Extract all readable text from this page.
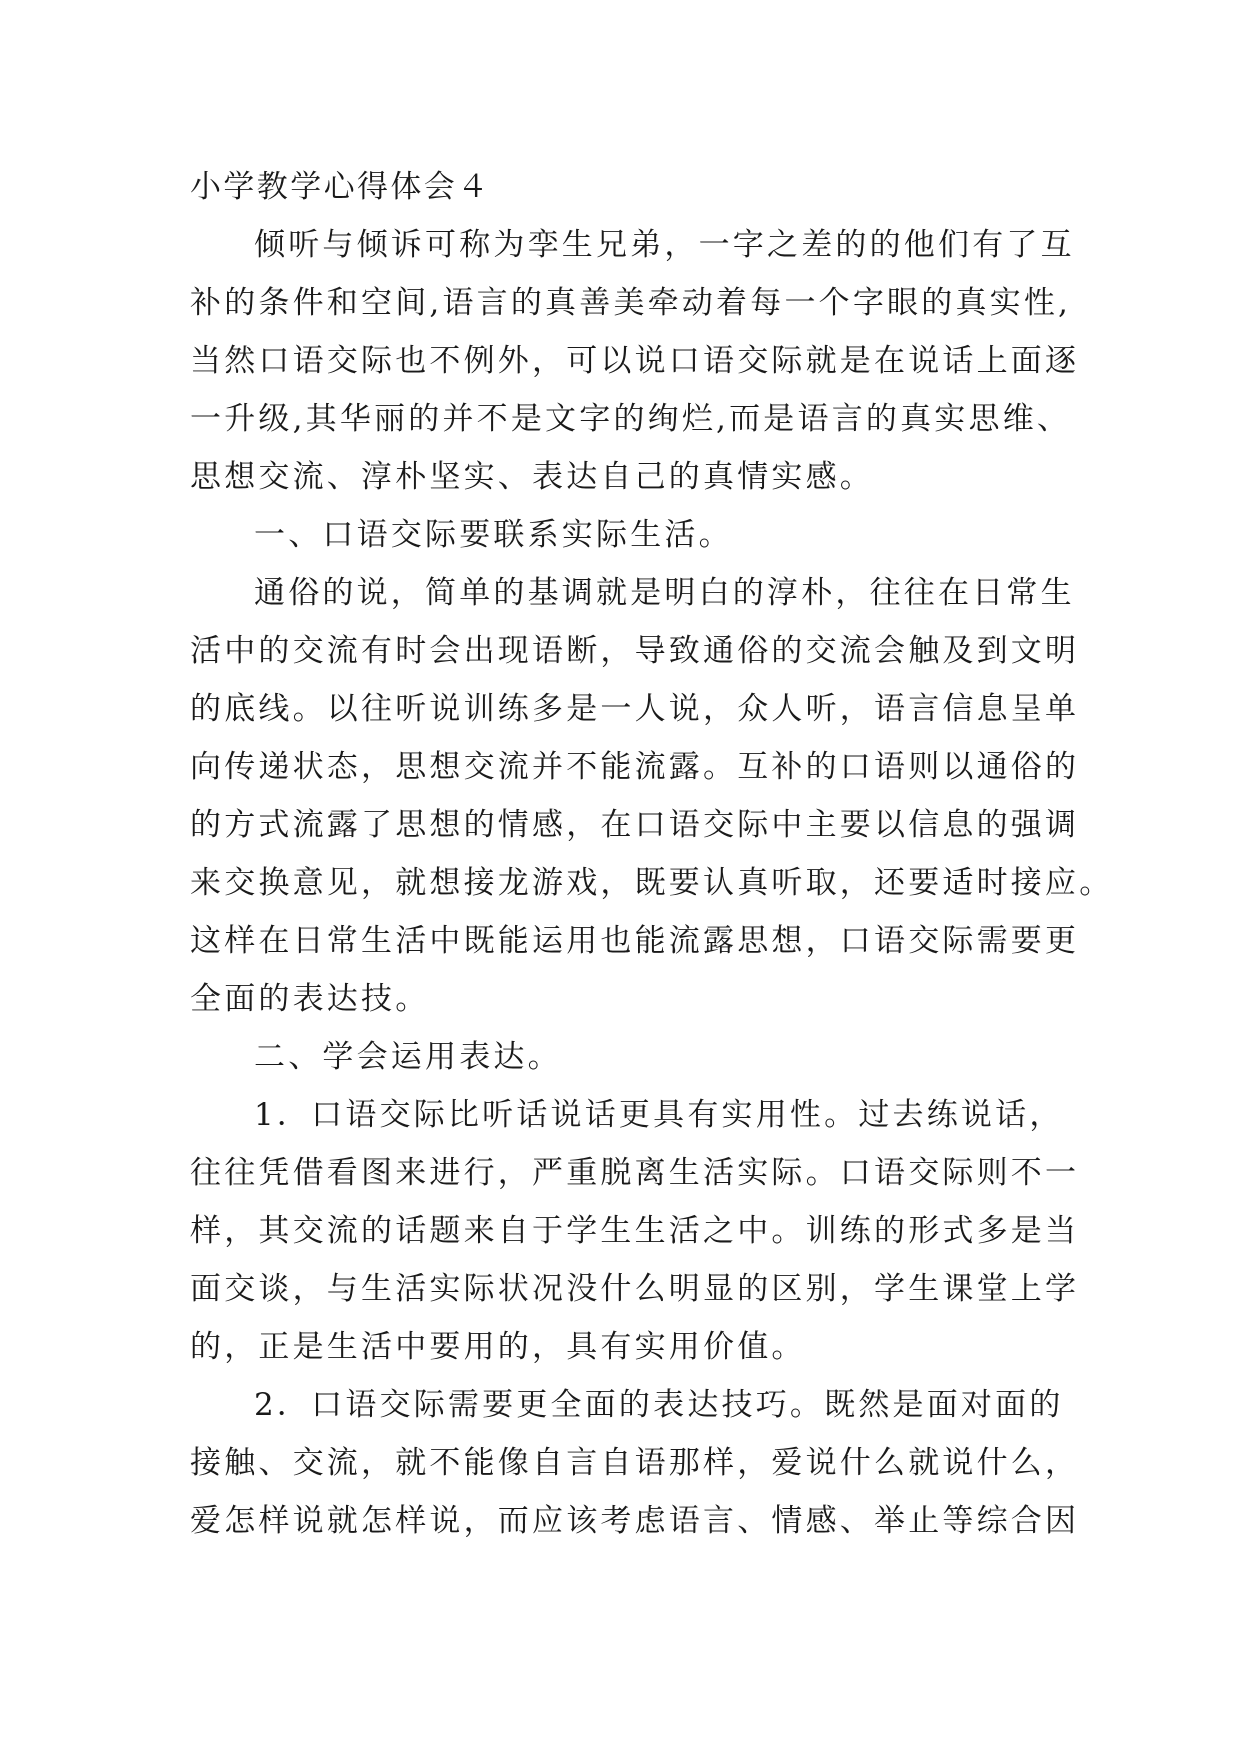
小学教学心得体会４
倾听与倾诉可称为孪生兄弟，一字之差的的他们有了互
补的条件和空间,语言的真善美牵动着每一个字眼的真实性,
当然口语交际也不例外，可以说口语交际就是在说话上面逐
一升级,其华丽的并不是文字的绚烂,而是语言的真实思维、
思想交流、淳朴坚实、表达自己的真情实感。
一、口语交际要联系实际生活。
通俗的说，简单的基调就是明白的淳朴，往往在日常生
活中的交流有时会出现语断，导致通俗的交流会触及到文明
的底线。以往听说训练多是一人说，众人听，语言信息呈单
向传递状态，思想交流并不能流露。互补的口语则以通俗的
的方式流露了思想的情感，在口语交际中主要以信息的强调
来交换意见，就想接龙游戏，既要认真听取，还要适时接应。
这样在日常生活中既能运用也能流露思想，口语交际需要更
全面的表达技。
二、学会运用表达。
1．口语交际比听话说话更具有实用性。过去练说话，
往往凭借看图来进行，严重脱离生活实际。口语交际则不一
样，其交流的话题来自于学生生活之中。训练的形式多是当
面交谈，与生活实际状况没什么明显的区别，学生课堂上学
的，正是生活中要用的，具有实用价值。
2．口语交际需要更全面的表达技巧。既然是面对面的
接触、交流，就不能像自言自语那样，爱说什么就说什么，
爱怎样说就怎样说，而应该考虑语言、情感、举止等综合因
